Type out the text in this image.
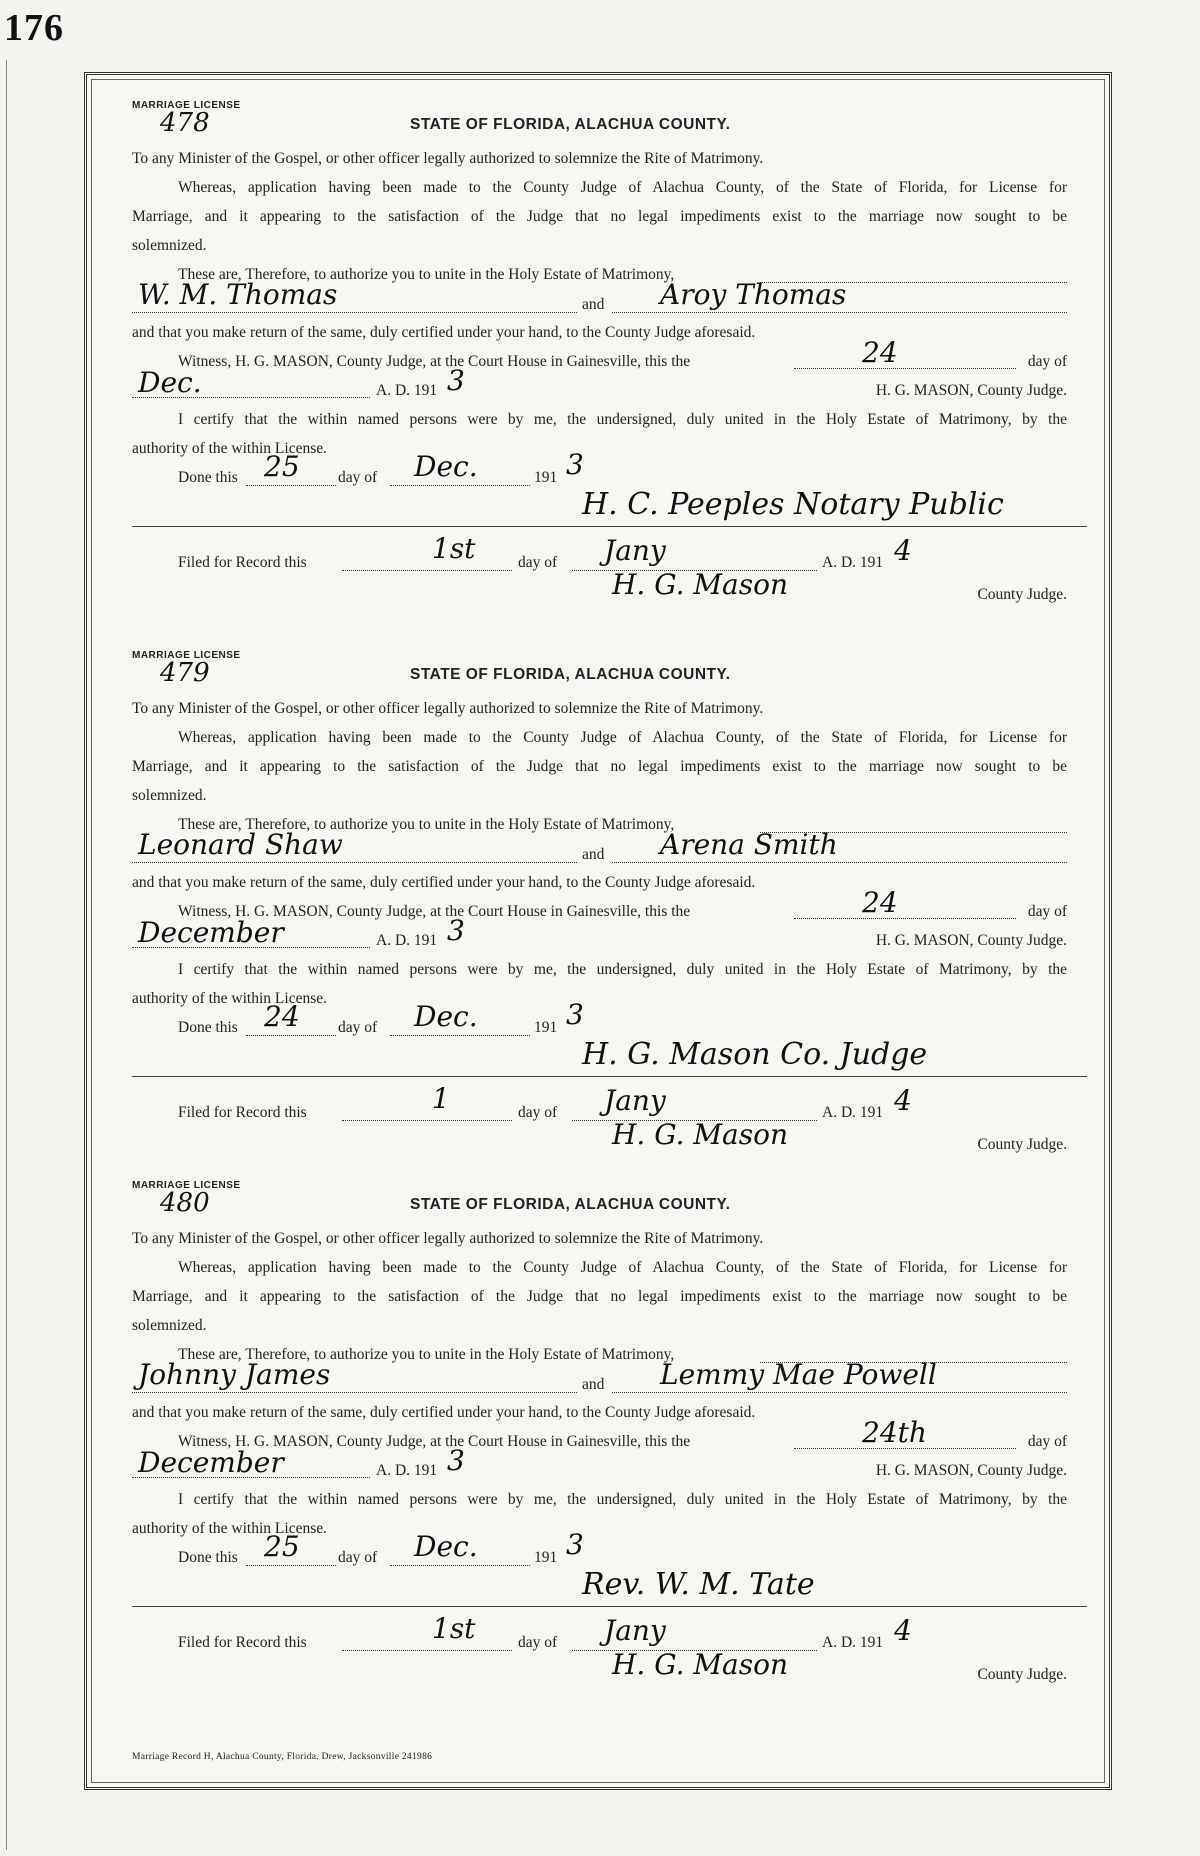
176
MARRIAGE LICENSE
478	STATE OF FLORIDA, ALACHUA COUNTY.
To any Minister of the Gospel, or other officer legally authorized to solemnize the Rite of Matrimony.
Whereas, application having been made to the County Judge of Alachua County, of the State of Florida, for License for
Marriage, and it appearing to the satisfaction of the Judge that no legal impediments exist to the marriage now sought to be
solemnized.
These are, Therefore, to authorize you to unite in the Holy Estate of Matrimony,
W. M. Thomas	and Aroy Thomas
and that you make return of the same, duly certified under your hand, to the County Judge aforesaid.
Witness, H. G. MASON, County Judge, at the Court House in Gainesville, this the	24	day of
Dec.	A. D. 191 3	H. G. MASON, County Judge.
I certify that the within named persons were by me, the undersigned, duly united in the Holy Estate of Matrimony, by the
authority of the within License.
Done this 25 day of Dec.	191 3
H. C. Peeples Notary Public
Filed for Record this	1st	day of Jany	A. D. 191 4
H. G. Mason	County Judge.
MARRIAGE LICENSE
479	STATE OF FLORIDA, ALACHUA COUNTY.
To any Minister of the Gospel, or other officer legally authorized to solemnize the Rite of Matrimony.
Whereas, application having been made to the County Judge of Alachua County, of the State of Florida, for License for
Marriage, and it appearing to the satisfaction of the Judge that no legal impediments exist to the marriage now sought to be
solemnized.
These are, Therefore, to authorize you to unite in the Holy Estate of Matrimony,
Leonard Shaw	and Arena Smith
and that you make return of the same, duly certified under your hand, to the County Judge aforesaid.
Witness, H. G. MASON, County Judge, at the Court House in Gainesville, this the	24	day of
December	A. D. 191 3	H. G. MASON, County Judge.
I certify that the within named persons were by me, the undersigned, duly united in the Holy Estate of Matrimony, by the
authority of the within License.
Done this 24 day of Dec.	191 3
H. G. Mason Co. Judge
Filed for Record this	1	day of Jany	A. D. 191 4
H. G. Mason	County Judge.
MARRIAGE LICENSE
480	STATE OF FLORIDA, ALACHUA COUNTY.
To any Minister of the Gospel, or other officer legally authorized to solemnize the Rite of Matrimony.
Whereas, application having been made to the County Judge of Alachua County, of the State of Florida, for License for
Marriage, and it appearing to the satisfaction of the Judge that no legal impediments exist to the marriage now sought to be
solemnized.
These are, Therefore, to authorize you to unite in the Holy Estate of Matrimony,
Johnny James	and Lemmy Mae Powell
and that you make return of the same, duly certified under your hand, to the County Judge aforesaid.
Witness, H. G. MASON, County Judge, at the Court House in Gainesville, this the	24th	day of
December	A. D. 191 3	H. G. MASON, County Judge.
I certify that the within named persons were by me, the undersigned, duly united in the Holy Estate of Matrimony, by the
authority of the within License.
Done this 25 day of Dec.	191 3
Rev. W. M. Tate
Filed for Record this	1st	day of Jany	A. D. 191 4
H. G. Mason	County Judge.
Marriage Record H, Alachua County, Florida. Drew, Jacksonville 241986
